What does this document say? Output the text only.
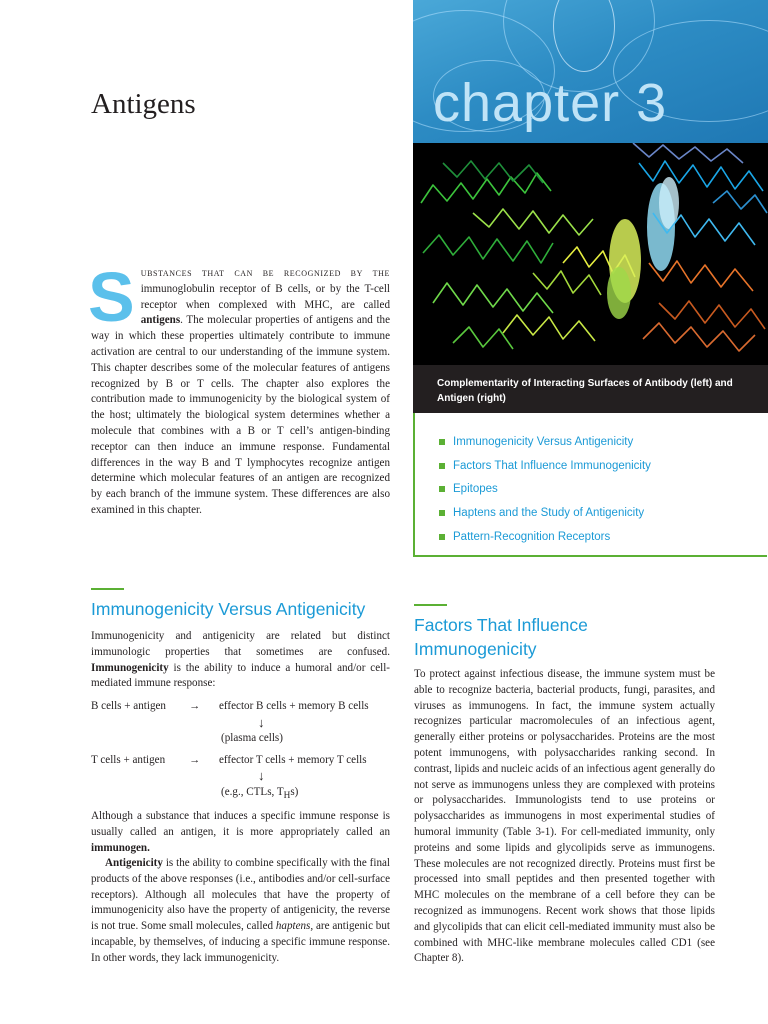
Antigens	chapter 3
Complementarity of Interacting Surfaces of Antibody (left) and Antigen (right)
Immunogenicity Versus Antigenicity
Factors That Influence Immunogenicity
Epitopes
Haptens and the Study of Antigenicity
Pattern-Recognition Receptors

Substances that can be recognized by the immunoglobulin receptor of B cells, or by the T-cell receptor when complexed with MHC, are called antigens. The molecular properties of antigens and the way in which these properties ultimately contribute to immune activation are central to our understanding of the immune system. This chapter describes some of the molecular features of antigens recognized by B or T cells. The chapter also explores the contribution made to immunogenicity by the biological system of the host; ultimately the biological system determines whether a molecule that combines with a B or T cell’s antigen-binding receptor can then induce an immune response. Fundamental differences in the way B and T lymphocytes recognize antigen determine which molecular features of an antigen are recognized by each branch of the immune system. These differences are also examined in this chapter.

Immunogenicity Versus Antigenicity

Immunogenicity and antigenicity are related but distinct immunologic properties that sometimes are confused. Immunogenicity is the ability to induce a humoral and/or cell-mediated immune response:

B cells + antigen → effector B cells + memory B cells
↓
(plasma cells)
T cells + antigen → effector T cells + memory T cells
↓
(e.g., CTLs, $T_Hs$)

Although a substance that induces a specific immune response is usually called an antigen, it is more appropriately called an immunogen.

Antigenicity is the ability to combine specifically with the final products of the above responses (i.e., antibodies and/or cell-surface receptors). Although all molecules that have the property of immunogenicity also have the property of antigenicity, the reverse is not true. Some small molecules, called haptens, are antigenic but incapable, by themselves, of inducing a specific immune response. In other words, they lack immunogenicity.

Factors That Influence
Immunogenicity

To protect against infectious disease, the immune system must be able to recognize bacteria, bacterial products, fungi, parasites, and viruses as immunogens. In fact, the immune system actually recognizes particular macromolecules of an infectious agent, generally either proteins or polysaccharides. Proteins are the most potent immunogens, with polysaccharides ranking second. In contrast, lipids and nucleic acids of an infectious agent generally do not serve as immunogens unless they are complexed with proteins or polysaccharides. Immunologists tend to use proteins or polysaccharides as immunogens in most experimental studies of humoral immunity (Table 3-1). For cell-mediated immunity, only proteins and some lipids and glycolipids serve as immunogens. These molecules are not recognized directly. Proteins must first be processed into small peptides and then presented together with MHC molecules on the membrane of a cell before they can be recognized as immunogens. Recent work shows that those lipids and glycolipids that can elicit cell-mediated immunity must also be combined with MHC-like membrane molecules called CD1 (see Chapter 8).
